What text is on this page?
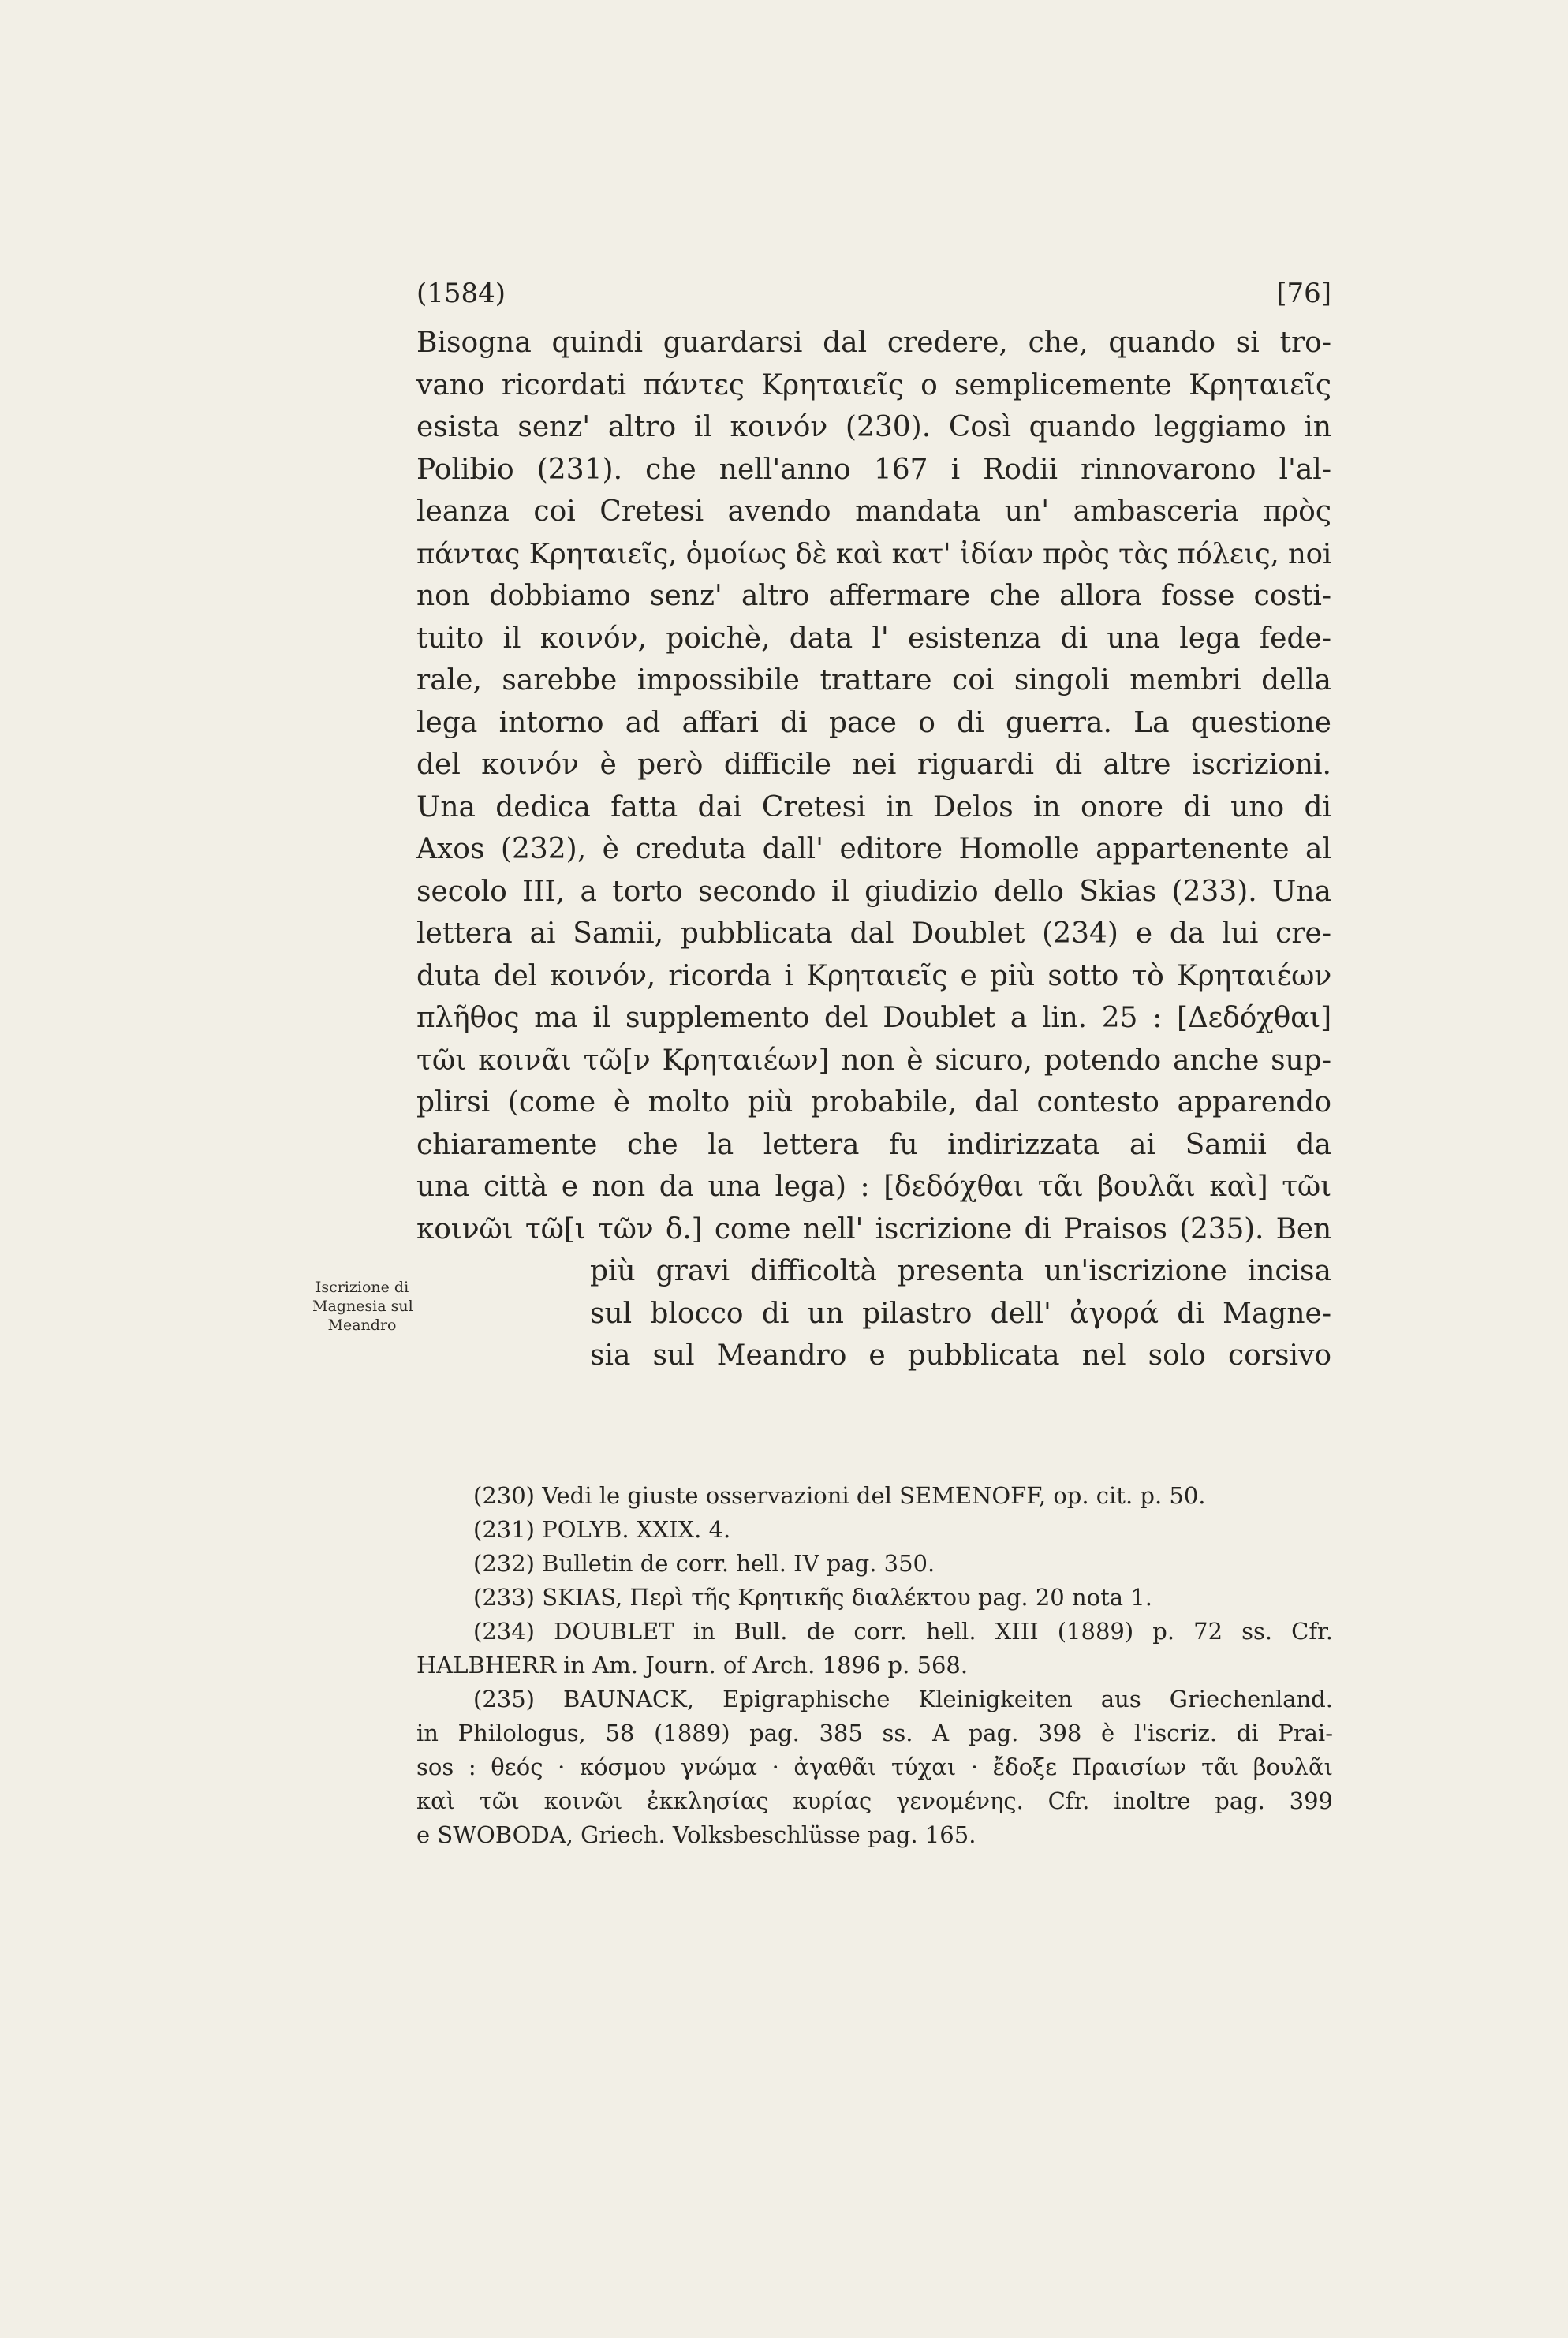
(1584)	[76]
Bisogna quindi guardarsi dal credere, che, quando si tro-
vano ricordati πάντες Κρηταιεῖς o semplicemente Κρηταιεῖς
esista senz' altro il κοινόν (230). Così quando leggiamo in
Polibio (231). che nell'anno 167 i Rodii rinnovarono l'al-
leanza coi Cretesi avendo mandata un' ambasceria πρὸς
πάντας Κρηταιεῖς, ὁμοίως δὲ καὶ κατ' ἰδίαν πρὸς τὰς πόλεις, noi
non dobbiamo senz' altro affermare che allora fosse costi-
tuito il κοινόν, poichè, data l' esistenza di una lega fede-
rale, sarebbe impossibile trattare coi singoli membri della
lega intorno ad affari di pace o di guerra. La questione
del κοινόν è però difficile nei riguardi di altre iscrizioni.
Una dedica fatta dai Cretesi in Delos in onore di uno di
Axos (232), è creduta dall' editore Homolle appartenente al
secolo III, a torto secondo il giudizio dello Skias (233). Una
lettera ai Samii, pubblicata dal Doublet (234) e da lui cre-
duta del κοινόν, ricorda i Κρηταιεῖς e più sotto τὸ Κρηταιέων
πλῆθος ma il supplemento del Doublet a lin. 25 : [Δεδόχθαι]
τῶι κοινᾶι τῶ[ν Κρηταιέων] non è sicuro, potendo anche sup-
plirsi (come è molto più probabile, dal contesto apparendo
chiaramente che la lettera fu indirizzata ai Samii da
una città e non da una lega) : [δεδόχθαι τᾶι βουλᾶι καὶ] τῶι
κοινῶι τῶ[ι τῶν δ.] come nell' iscrizione di Praisos (235). Ben
più gravi difficoltà presenta un'iscrizione incisa
sul blocco di un pilastro dell' ἀγορά di Magne-
sia sul Meandro e pubblicata nel solo corsivo
Iscrizione di
Magnesia sul
Meandro
(230) Vedi le giuste osservazioni del SEMENOFF, op. cit. p. 50.
(231) POLYB. XXIX. 4.
(232) Bulletin de corr. hell. IV pag. 350.
(233) SKIAS, Περὶ τῆς Κρητικῆς διαλέκτου pag. 20 nota 1.
(234) DOUBLET in Bull. de corr. hell. XIII (1889) p. 72 ss. Cfr.
HALBHERR in Am. Journ. of Arch. 1896 p. 568.
(235) BAUNACK, Epigraphische Kleinigkeiten aus Griechenland.
in Philologus, 58 (1889) pag. 385 ss. A pag. 398 è l'iscriz. di Prai-
sos : θεός · κόσμου γνώμα · ἀγαθᾶι τύχαι · ἔδοξε Πραισίων τᾶι βουλᾶι
καὶ τῶι κοινῶι ἐκκλησίας κυρίας γενομένης. Cfr. inoltre pag. 399
e SWOBODA, Griech. Volksbeschlüsse pag. 165.
